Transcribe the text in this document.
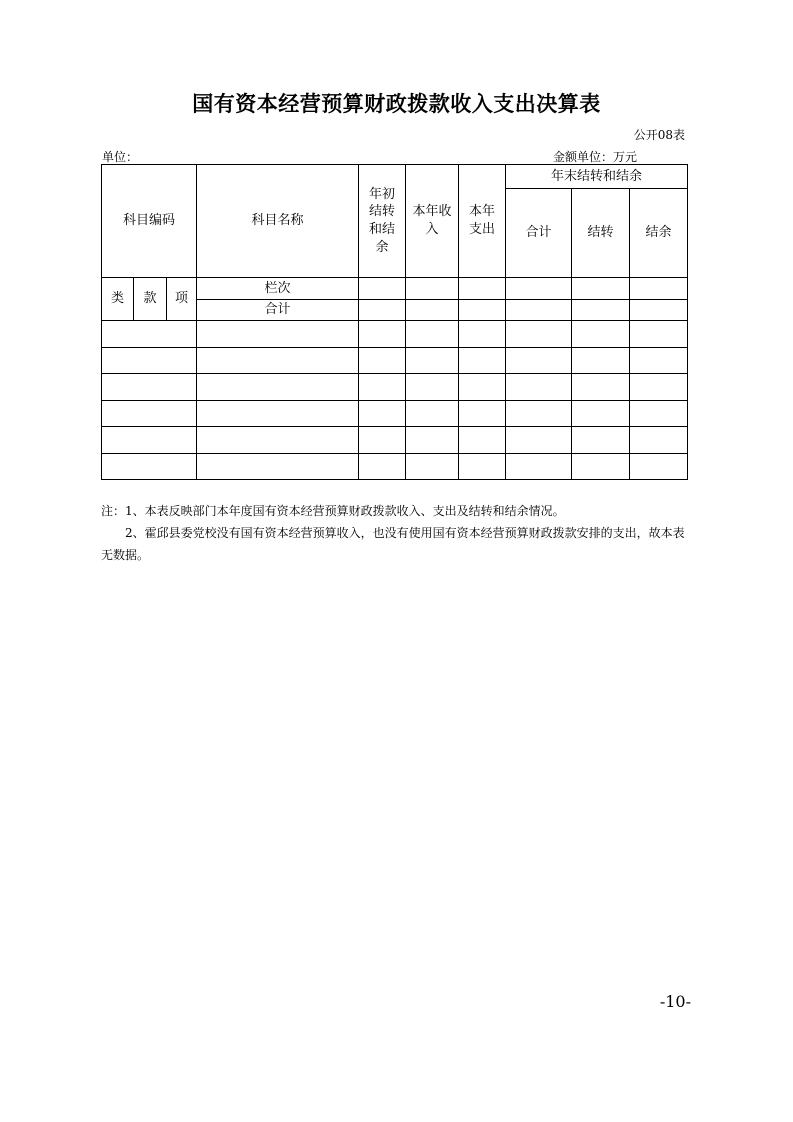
国有资本经营预算财政拨款收入支出决算表
公开08表
单位：	金额单位：万元
科目编码			科目名称	年初结转和结余	本年收入	本年支出	年末结转和结余		
							合计	结转	结余
类	款	项	栏次						
			合计						

注：1、本表反映部门本年度国有资本经营预算财政拨款收入、支出及结转和结余情况。

2、霍邱县委党校没有国有资本经营预算收入，也没有使用国有资本经营预算财政拨款安排的支出，故本表无数据。

-10-
